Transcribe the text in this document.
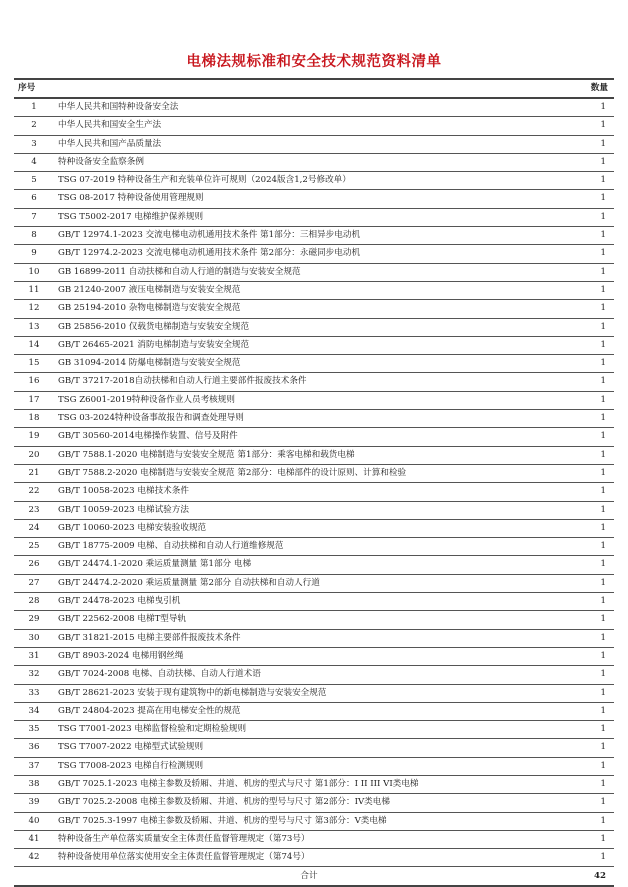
电梯法规标准和安全技术规范资料清单
序号		数量
1	中华人民共和国特种设备安全法	1
2	中华人民共和国安全生产法	1
3	中华人民共和国产品质量法	1
4	特种设备安全监察条例	1
5	TSG 07-2019 特种设备生产和充装单位许可规则（2024版含1,2号修改单）	1
6	TSG 08-2017 特种设备使用管理规则	1
7	TSG T5002-2017 电梯维护保养规则	1
8	GB/T 12974.1-2023 交流电梯电动机通用技术条件 第1部分：三相异步电动机	1
9	GB/T 12974.2-2023 交流电梯电动机通用技术条件 第2部分：永磁同步电动机	1
10	GB 16899-2011 自动扶梯和自动人行道的制造与安装安全规范	1
11	GB 21240-2007 液压电梯制造与安装安全规范	1
12	GB 25194-2010 杂物电梯制造与安装安全规范	1
13	GB 25856-2010 仅载货电梯制造与安装安全规范	1
14	GB/T 26465-2021 消防电梯制造与安装安全规范	1
15	GB 31094-2014 防爆电梯制造与安装安全规范	1
16	GB/T 37217-2018自动扶梯和自动人行道主要部件报废技术条件	1
17	TSG Z6001-2019特种设备作业人员考核规则	1
18	TSG 03-2024特种设备事故报告和调查处理导则	1
19	GB/T 30560-2014电梯操作装置、信号及附件	1
20	GB/T 7588.1-2020 电梯制造与安装安全规范 第1部分：乘客电梯和载货电梯	1
21	GB/T 7588.2-2020 电梯制造与安装安全规范 第2部分：电梯部件的设计原则、计算和检验	1
22	GB/T 10058-2023 电梯技术条件	1
23	GB/T 10059-2023 电梯试验方法	1
24	GB/T 10060-2023 电梯安装验收规范	1
25	GB/T 18775-2009 电梯、自动扶梯和自动人行道维修规范	1
26	GB/T 24474.1-2020 乘运质量测量 第1部分 电梯	1
27	GB/T 24474.2-2020 乘运质量测量 第2部分 自动扶梯和自动人行道	1
28	GB/T 24478-2023 电梯曳引机	1
29	GB/T 22562-2008 电梯T型导轨	1
30	GB/T 31821-2015 电梯主要部件报废技术条件	1
31	GB/T 8903-2024 电梯用钢丝绳	1
32	GB/T 7024-2008 电梯、自动扶梯、自动人行道术语	1
33	GB/T 28621-2023 安装于现有建筑物中的新电梯制造与安装安全规范	1
34	GB/T 24804-2023 提高在用电梯安全性的规范	1
35	TSG T7001-2023 电梯监督检验和定期检验规则	1
36	TSG T7007-2022 电梯型式试验规则	1
37	TSG T7008-2023 电梯自行检测规则	1
38	GB/T 7025.1-2023 电梯主参数及轿厢、井道、机房的型式与尺寸 第1部分：I II III VI类电梯	1
39	GB/T 7025.2-2008 电梯主参数及轿厢、井道、机房的型号与尺寸 第2部分：IV类电梯	1
40	GB/T 7025.3-1997 电梯主参数及轿厢、井道、机房的型号与尺寸 第3部分：V类电梯	1
41	特种设备生产单位落实质量安全主体责任监督管理规定（第73号）	1
42	特种设备使用单位落实使用安全主体责任监督管理规定（第74号）	1
	合计	42
